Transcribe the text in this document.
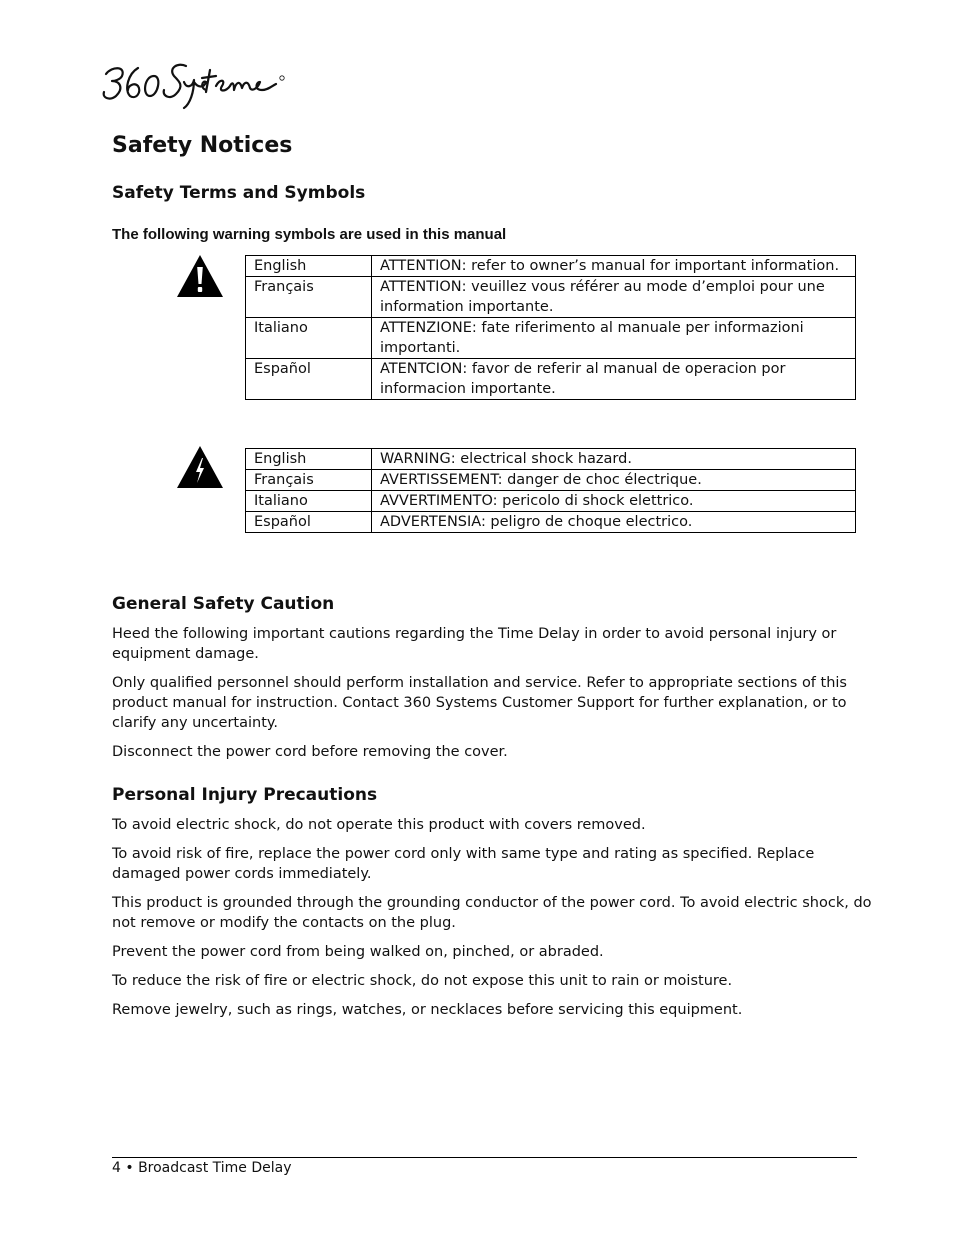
Safety Notices
Safety Terms and Symbols

The following warning symbols are used in this manual

English	ATTENTION: refer to owner’s manual for important information.
Français	ATTENTION: veuillez vous référer au mode d’emploi pour une information importante.
Italiano	ATTENZIONE: fate riferimento al manuale per informazioni importanti.
Español	ATENTCION: favor de referir al manual de operacion por informacion importante.
English	WARNING: electrical shock hazard.
Français	AVERTISSEMENT: danger de choc électrique.
Italiano	AVVERTIMENTO: pericolo di shock elettrico.
Español	ADVERTENSIA: peligro de choque electrico.
General Safety Caution

Heed the following important cautions regarding the Time Delay in order to avoid personal injury or equipment damage.

Only qualified personnel should perform installation and service. Refer to appropriate sections of this product manual for instruction. Contact 360 Systems Customer Support for further explanation, or to clarify any uncertainty.

Disconnect the power cord before removing the cover.

Personal Injury Precautions

To avoid electric shock, do not operate this product with covers removed.

To avoid risk of fire, replace the power cord only with same type and rating as specified. Replace damaged power cords immediately.

This product is grounded through the grounding conductor of the power cord. To avoid electric shock, do not remove or modify the contacts on the plug.

Prevent the power cord from being walked on, pinched, or abraded.

To reduce the risk of fire or electric shock, do not expose this unit to rain or moisture.

Remove jewelry, such as rings, watches, or necklaces before servicing this equipment.

4 • Broadcast Time Delay
